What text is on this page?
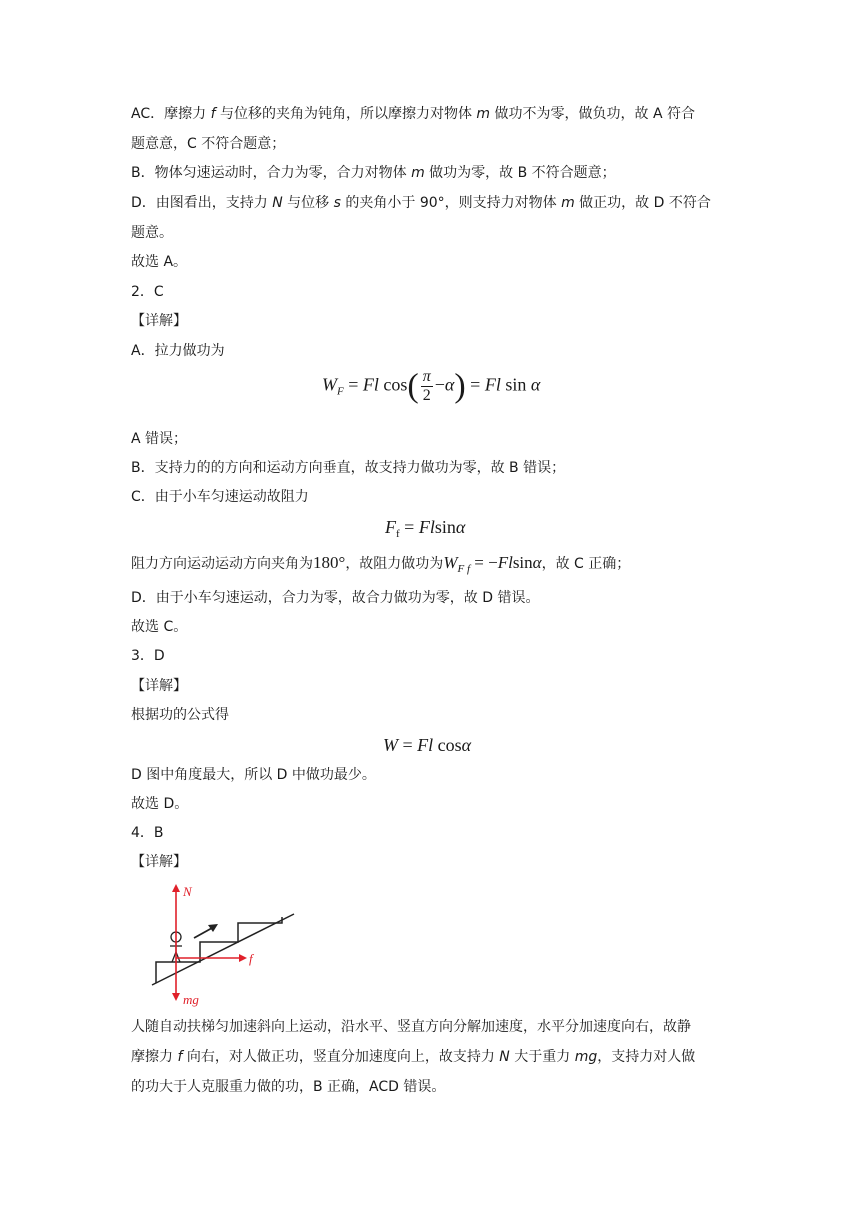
AC．摩擦力 f 与位移的夹角为钝角，所以摩擦力对物体 m 做功不为零，做负功，故 A 符合
题意意，C 不符合题意；
B．物体匀速运动时，合力为零，合力对物体 m 做功为零，故 B 不符合题意；
D．由图看出，支持力 N 与位移 s 的夹角小于 90°，则支持力对物体 m 做正功，故 D 不符合
题意。
故选 A。
2．C
【详解】
A．拉力做功为
$W_F = Fl$ $\cos( \frac{\pi}{2} -\alpha) = Fl$ sin α
A 错误；
B．支持力的的方向和运动方向垂直，故支持力做功为零，故 B 错误；
C．由于小车匀速运动故阻力
$F_f = Flsin\alpha$
阻力方向运动运动方向夹角为180°，故阻力做功为$W_{F f} = -Flsin\alpha$，故 C 正确；
D．由于小车匀速运动，合力为零，故合力做功为零，故 D 错误。
故选 C。
3．D
【详解】
根据功的公式得
W = Fl cosα
D 图中角度最大，所以 D 中做功最少。
故选 D。
4．B
【详解】
N
f
mg
人随自动扶梯匀加速斜向上运动，沿水平、竖直方向分解加速度，水平分加速度向右，故静
摩擦力 f 向右，对人做正功，竖直分加速度向上，故支持力 N 大于重力 mg，支持力对人做
的功大于人克服重力做的功，B 正确，ACD 错误。
